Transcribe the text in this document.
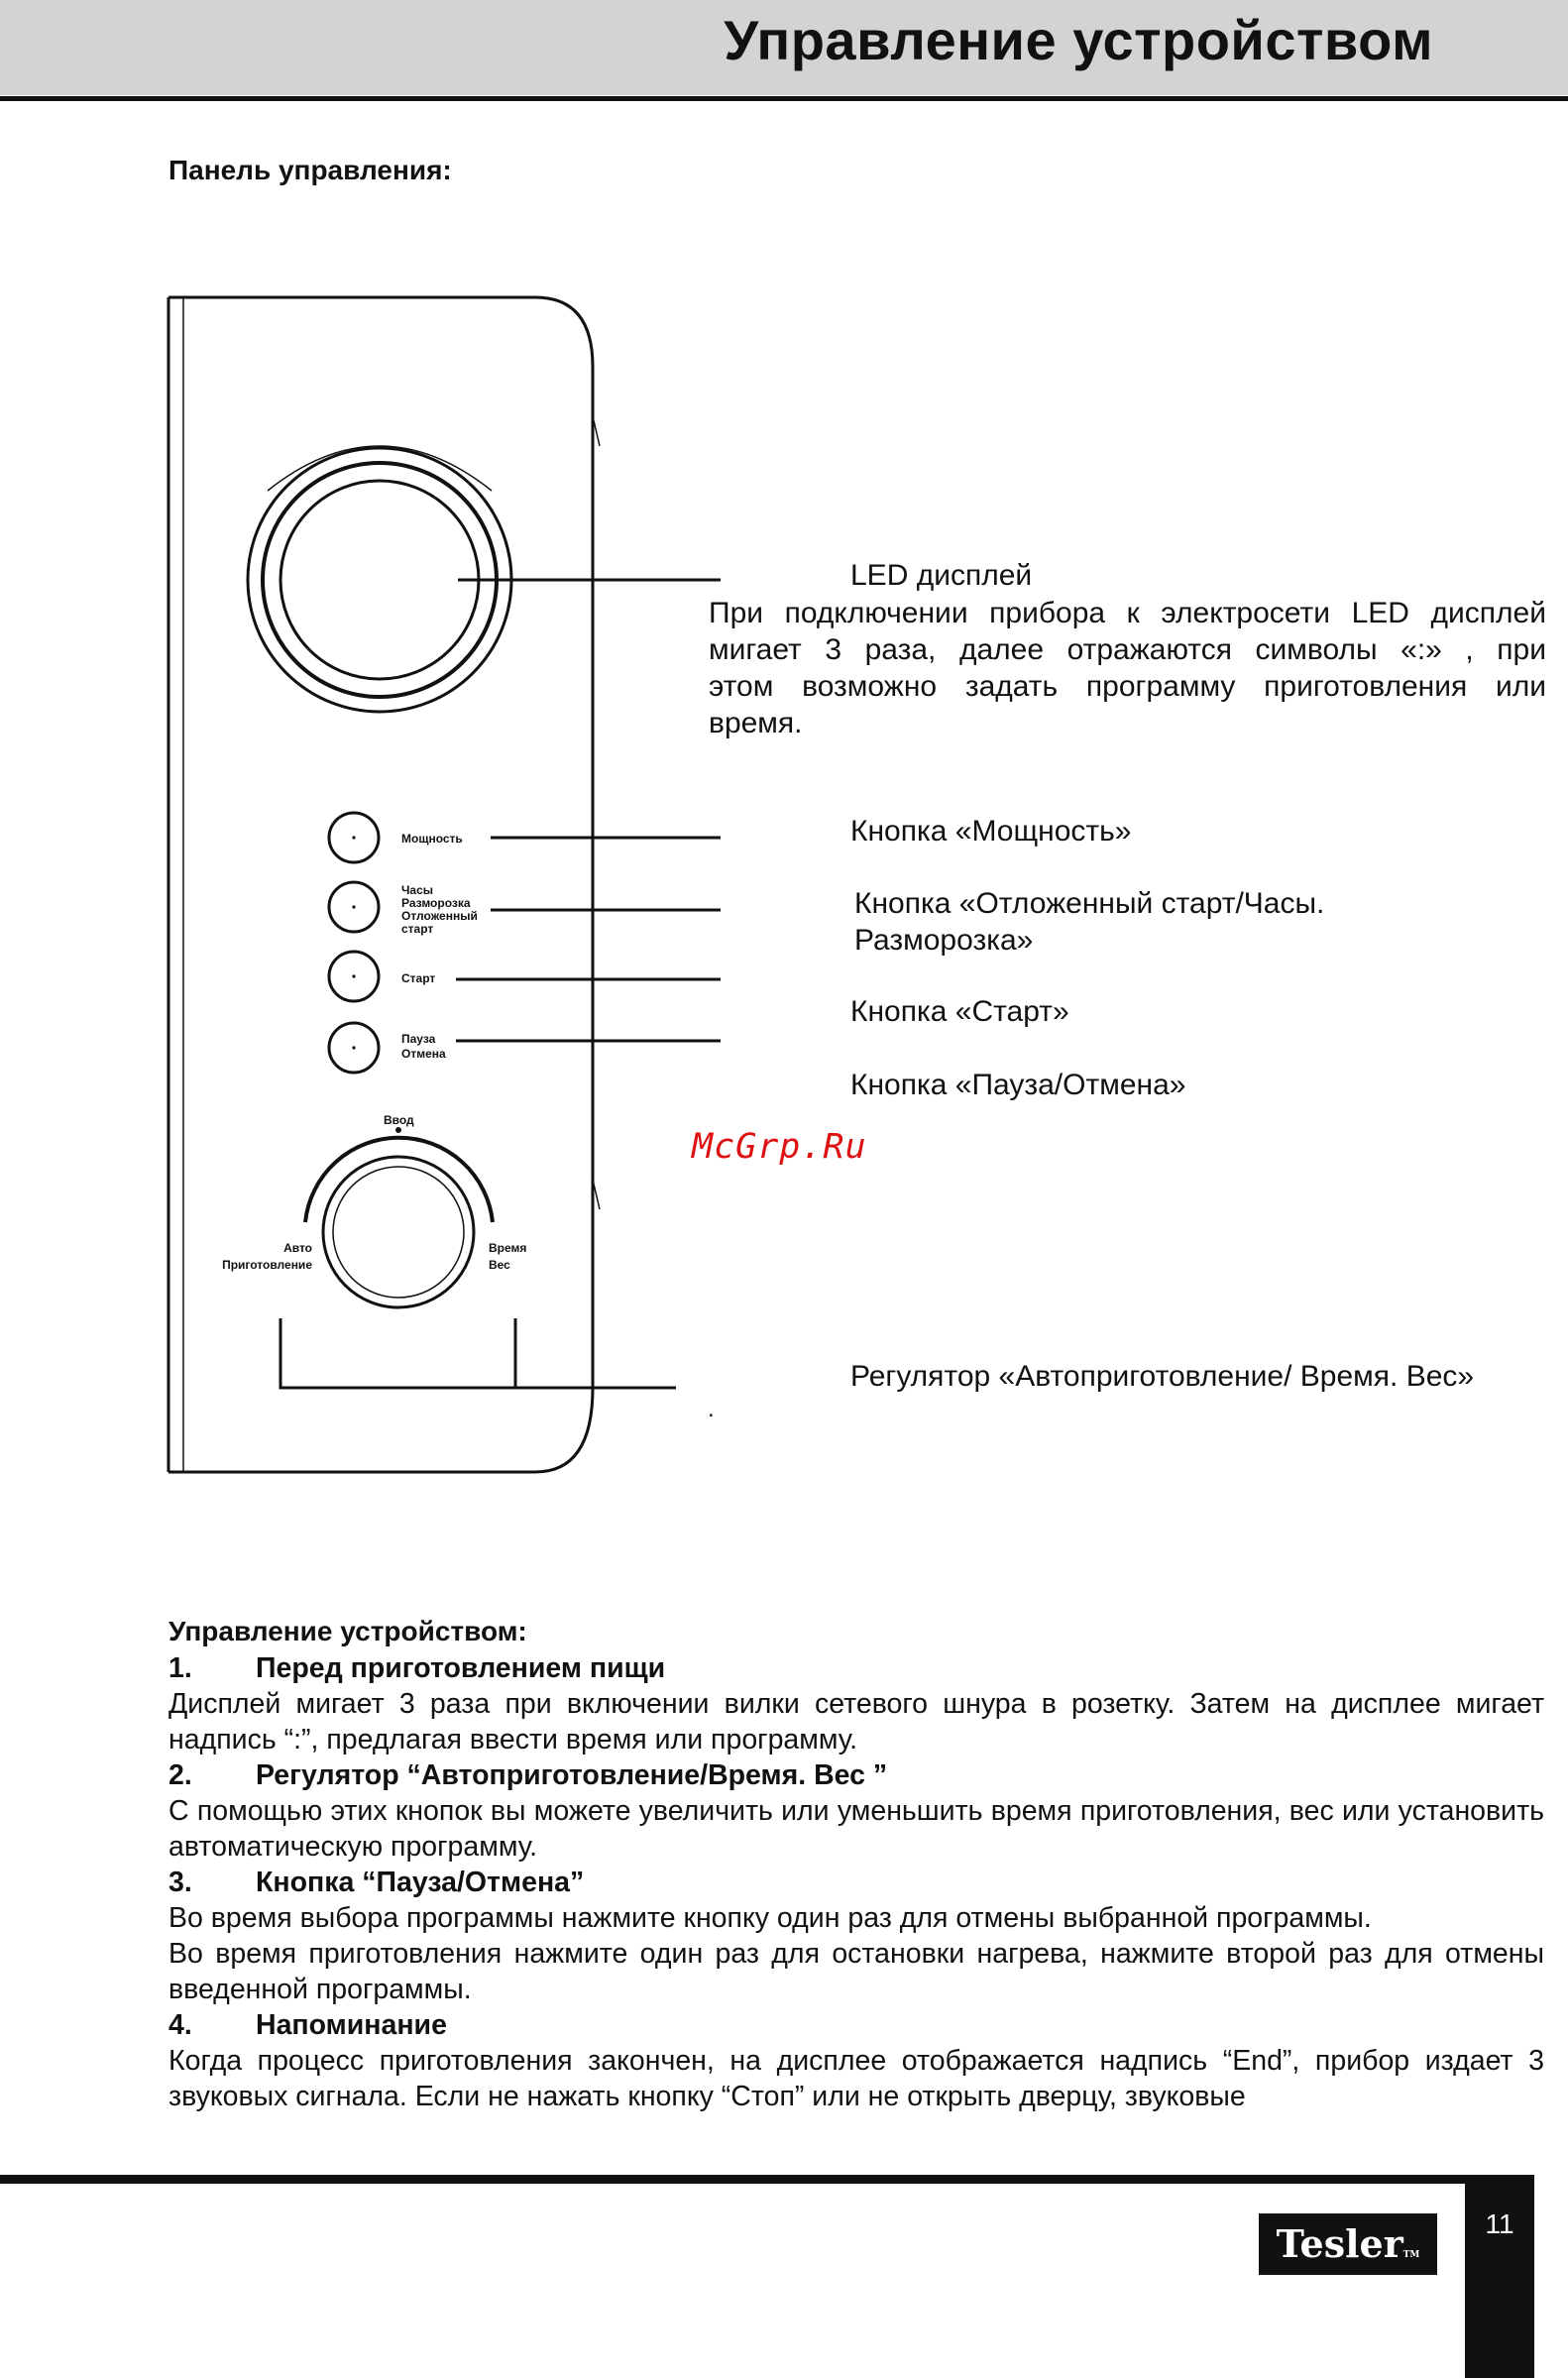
Управление устройством
Панель управления:
Мощность
Часы
Разморозка
Отложенный
старт
Старт
Пауза
Отмена
Ввод
Авто
Приготовление
Время
Вес
LED дисплей
При подключении прибора к электросети LED дисплей
мигает 3 раза, далее отражаются символы «:» , при
этом возможно задать программу приготовления или
время.
Кнопка «Мощность»
Кнопка «Отложенный старт/Часы.
Разморозка»
Кнопка «Старт»
Кнопка «Пауза/Отмена»
Регулятор «Автоприготовление/ Время. Вес»
.
McGrp.Ru
Управление устройством:
1. Перед приготовлением пищи

Дисплей мигает 3 раза при включении вилки сетевого шнура в розетку. Затем на дисплее мигает надпись “:”, предлагая ввести время или программу.

2. Регулятор “Автоприготовление/Время. Вес ”

С помощью этих кнопок вы можете увеличить или уменьшить время приготовления, вес или установить автоматическую программу.

3. Кнопка “Пауза/Отмена”

Во время выбора программы нажмите кнопку один раз для отмены выбранной программы.

Во время приготовления нажмите один раз для остановки нагрева, нажмите второй раз для отмены введенной программы.

4. Напоминание

Когда процесс приготовления закончен, на дисплее отображается надпись “End”, прибор издает 3 звуковых сигнала. Если не нажать кнопку “Стоп” или не открыть дверцу, звуковые

11
TeslerTM
